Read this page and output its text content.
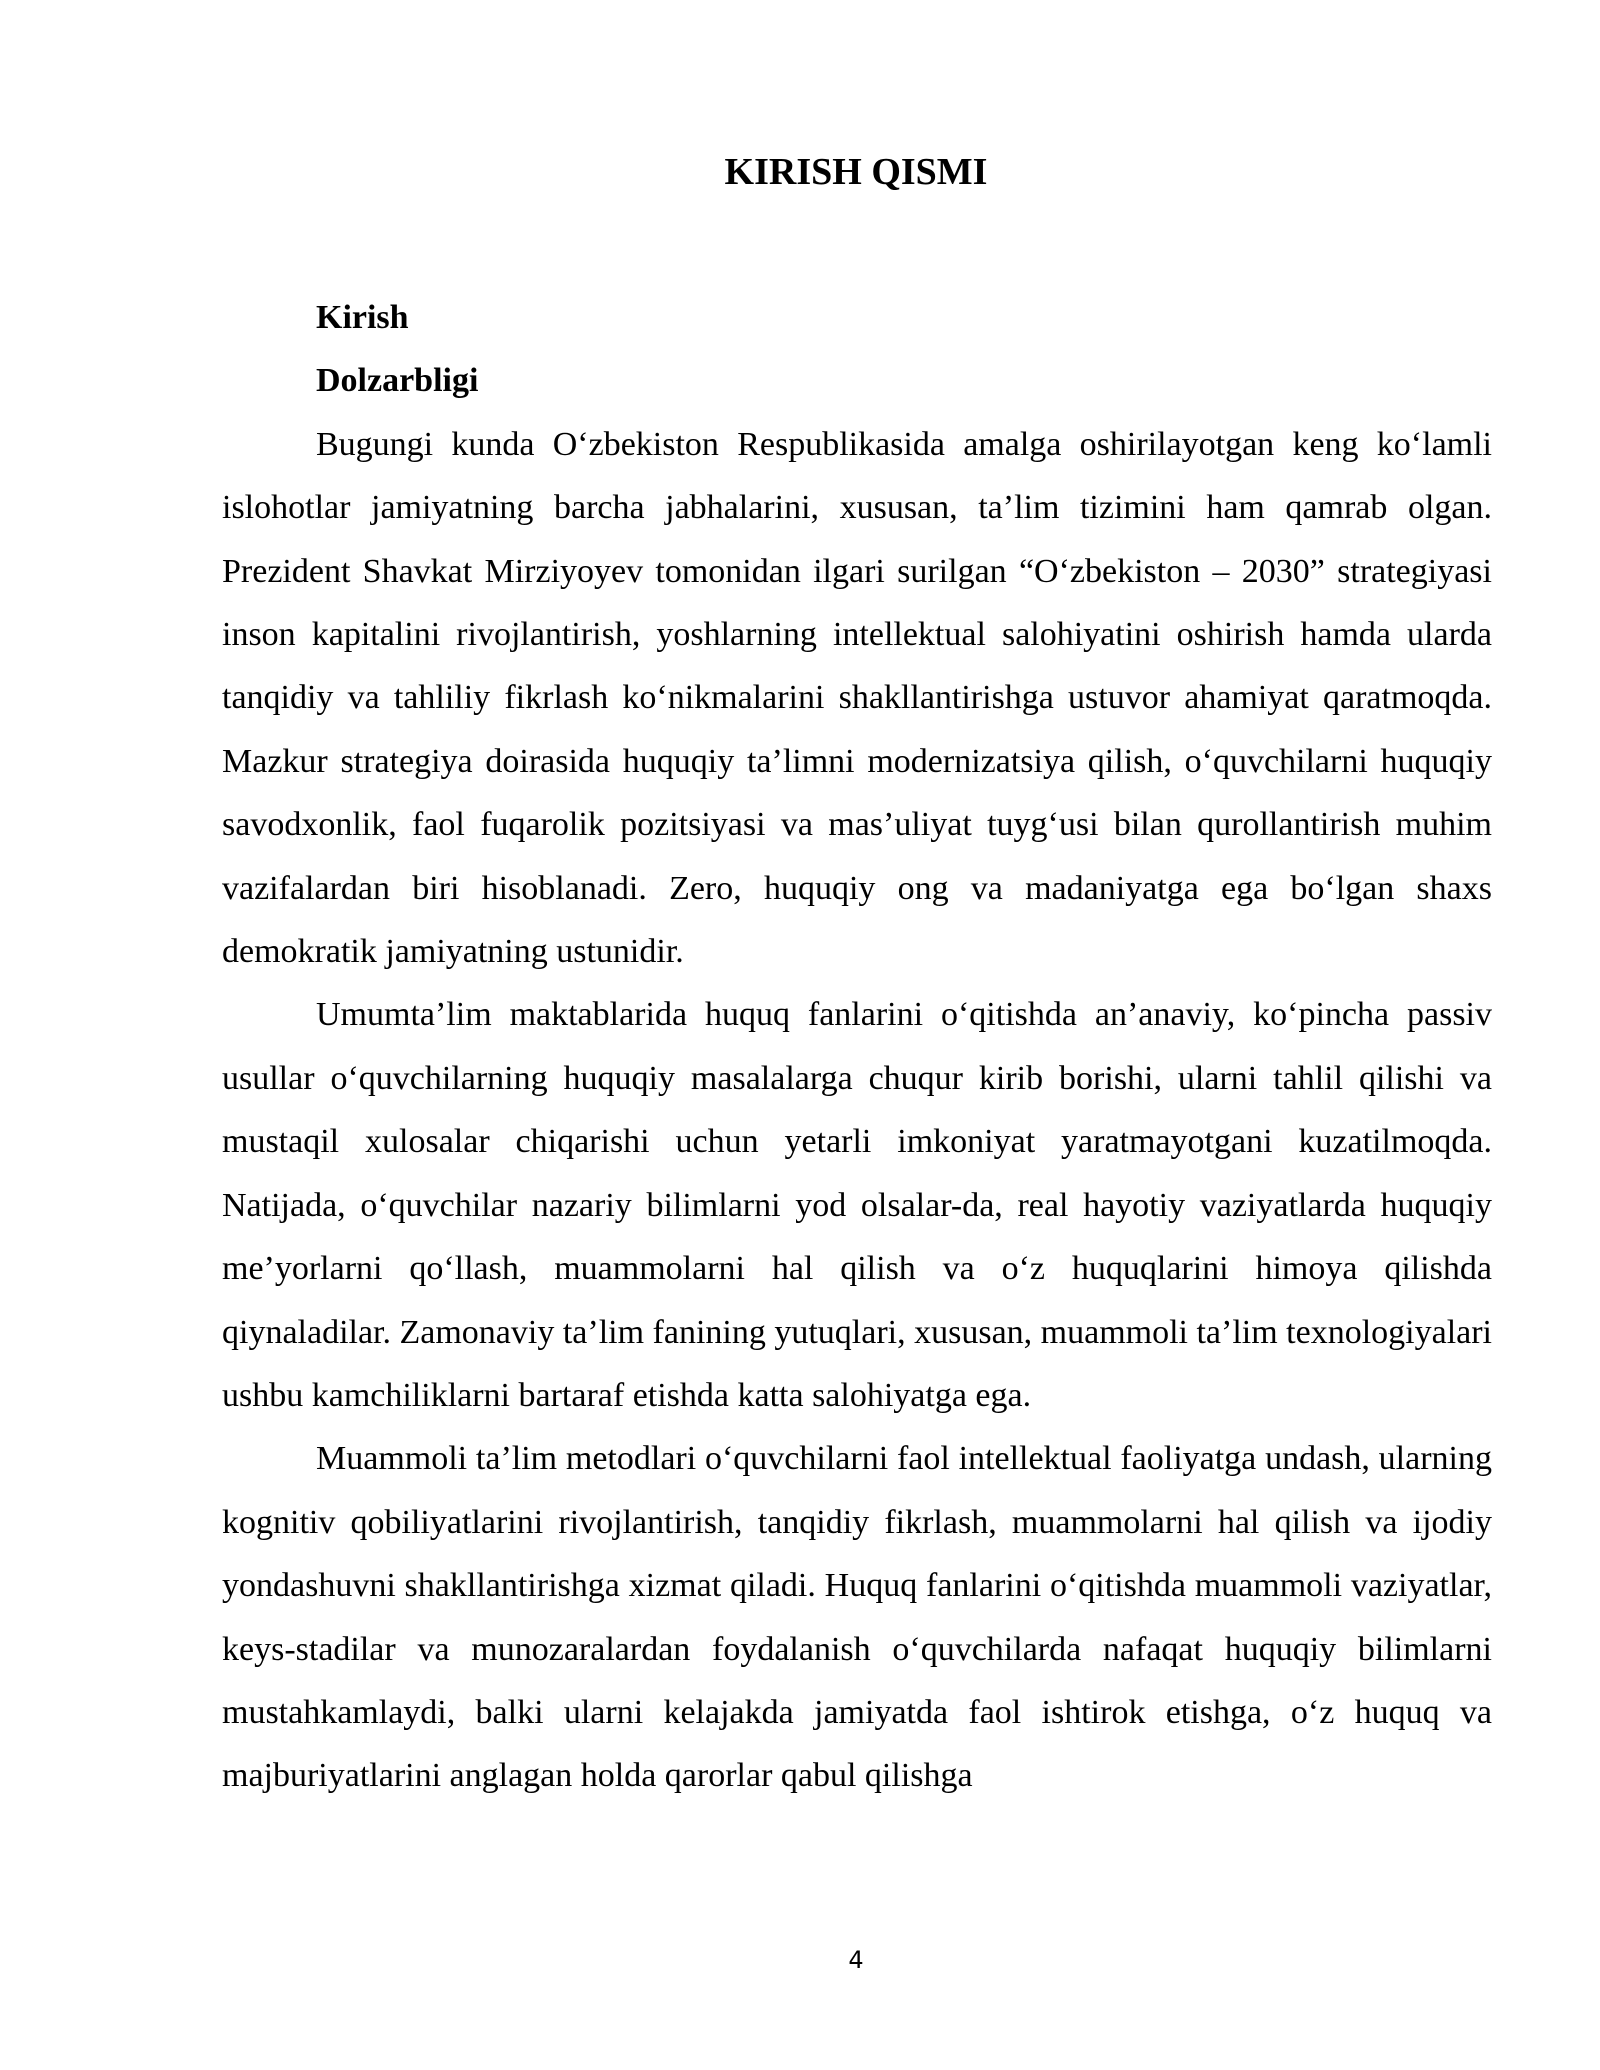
KIRISH QISMI

Kirish

Dolzarbligi

Bugungi kunda O‘zbekiston Respublikasida amalga oshirilayotgan keng ko‘lamli islohotlar jamiyatning barcha jabhalarini, xususan, ta’lim tizimini ham qamrab olgan. Prezident Shavkat Mirziyoyev tomonidan ilgari surilgan “O‘zbekiston – 2030” strategiyasi inson kapitalini rivojlantirish, yoshlarning intellektual salohiyatini oshirish hamda ularda tanqidiy va tahliliy fikrlash ko‘nikmalarini shakllantirishga ustuvor ahamiyat qaratmoqda. Mazkur strategiya doirasida huquqiy ta’limni modernizatsiya qilish, o‘quvchilarni huquqiy savodxonlik, faol fuqarolik pozitsiyasi va mas’uliyat tuyg‘usi bilan qurollantirish muhim vazifalardan biri hisoblanadi. Zero, huquqiy ong va madaniyatga ega bo‘lgan shaxs demokratik jamiyatning ustunidir.

Umumta’lim maktablarida huquq fanlarini o‘qitishda an’anaviy, ko‘pincha passiv usullar o‘quvchilarning huquqiy masalalarga chuqur kirib borishi, ularni tahlil qilishi va mustaqil xulosalar chiqarishi uchun yetarli imkoniyat yaratmayotgani kuzatilmoqda. Natijada, o‘quvchilar nazariy bilimlarni yod olsalar-da, real hayotiy vaziyatlarda huquqiy me’yorlarni qo‘llash, muammolarni hal qilish va o‘z huquqlarini himoya qilishda qiynaladilar. Zamonaviy ta’lim fanining yutuqlari, xususan, muammoli ta’lim texnologiyalari ushbu kamchiliklarni bartaraf etishda katta salohiyatga ega.

Muammoli ta’lim metodlari o‘quvchilarni faol intellektual faoliyatga undash, ularning kognitiv qobiliyatlarini rivojlantirish, tanqidiy fikrlash, muammolarni hal qilish va ijodiy yondashuvni shakllantirishga xizmat qiladi. Huquq fanlarini o‘qitishda muammoli vaziyatlar, keys-stadilar va munozaralardan foydalanish o‘quvchilarda nafaqat huquqiy bilimlarni mustahkamlaydi, balki ularni kelajakda jamiyatda faol ishtirok etishga, o‘z huquq va majburiyatlarini anglagan holda qarorlar qabul qilishga

4
